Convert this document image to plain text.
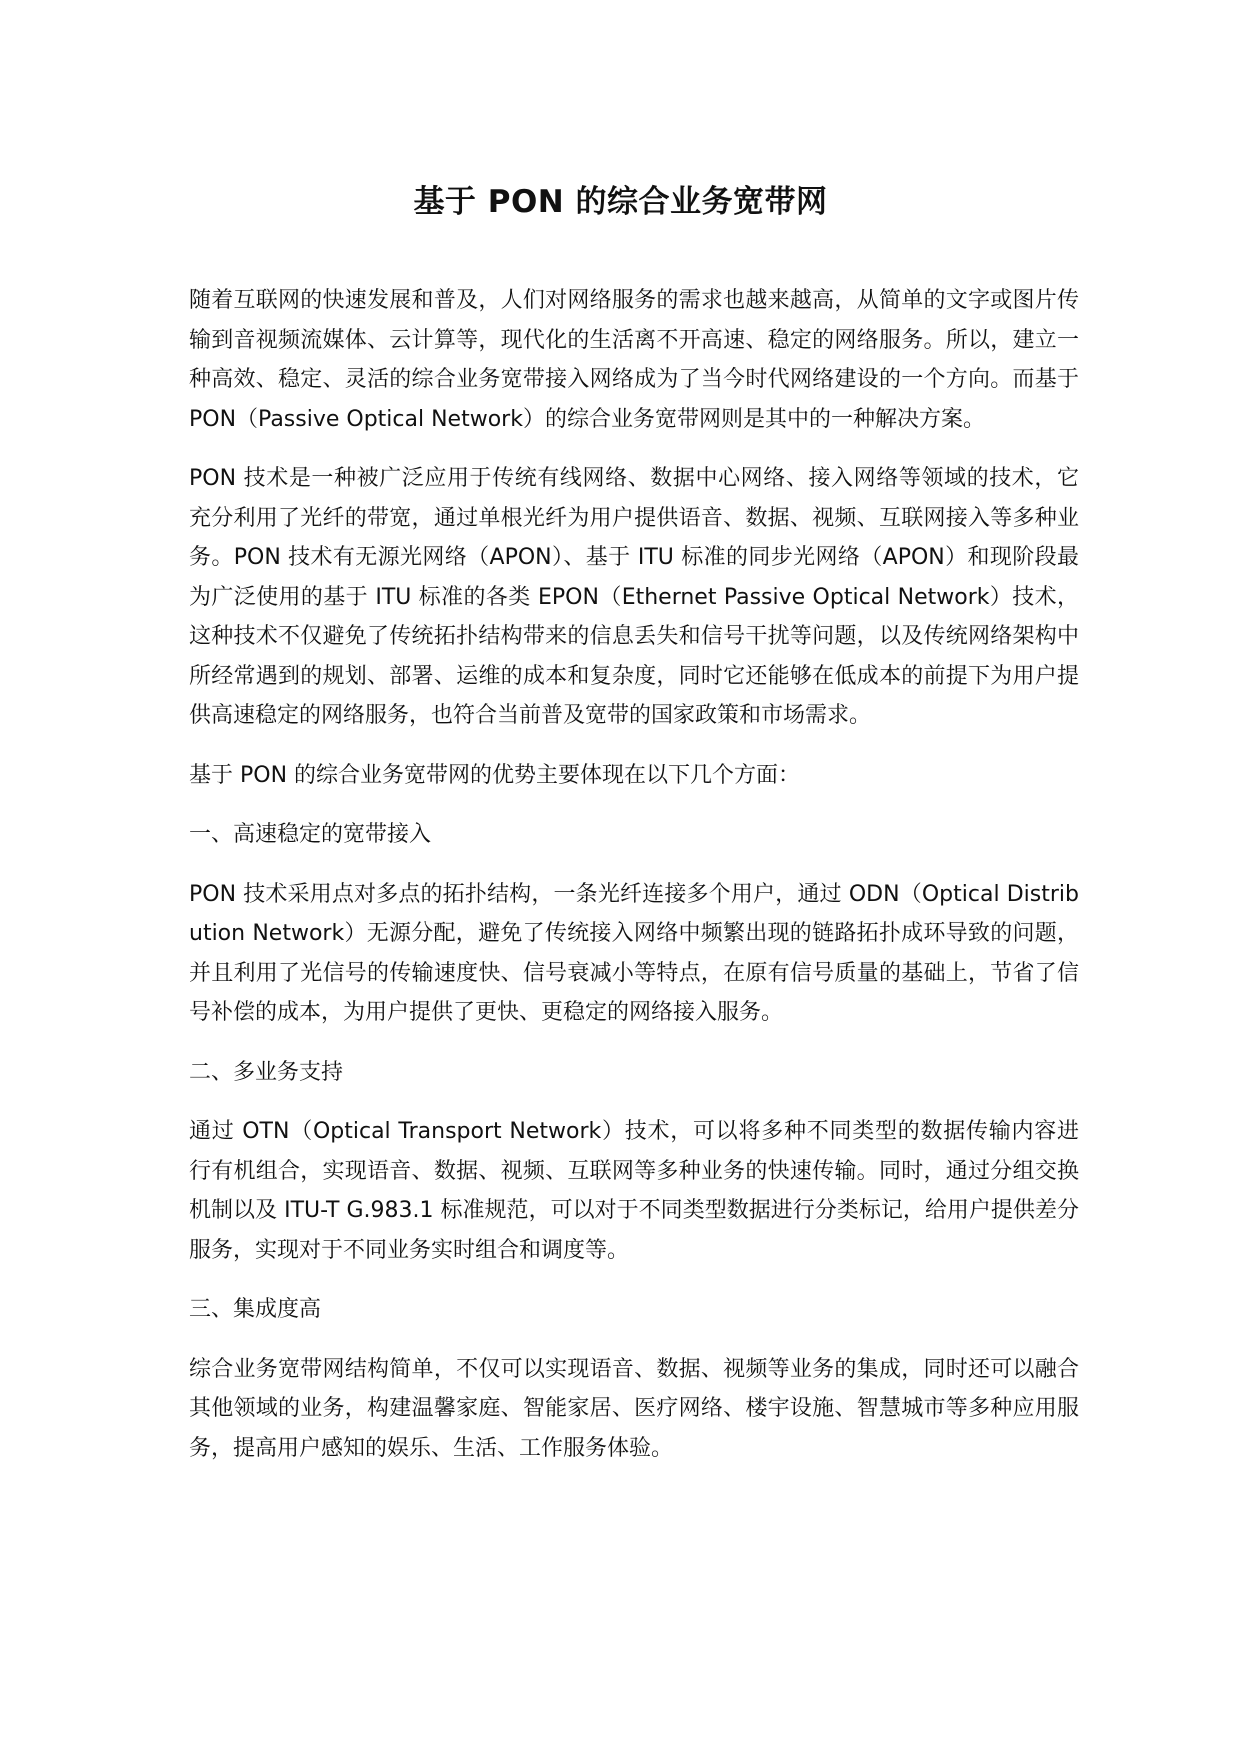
基于 PON 的综合业务宽带网

随着互联网的快速发展和普及，人们对网络服务的需求也越来越高，从简单的文字或图片传输到音视频流媒体、云计算等，现代化的生活离不开高速、稳定的网络服务。所以，建立一种高效、稳定、灵活的综合业务宽带接入网络成为了当今时代网络建设的一个方向。而基于 PON（Passive Optical Network）的综合业务宽带网则是其中的一种解决方案。

PON 技术是一种被广泛应用于传统有线网络、数据中心网络、接入网络等领域的技术，它充分利用了光纤的带宽，通过单根光纤为用户提供语音、数据、视频、互联网接入等多种业务。PON 技术有无源光网络（APON）、基于 ITU 标准的同步光网络（APON）和现阶段最为广泛使用的基于 ITU 标准的各类 EPON（Ethernet Passive Optical Network）技术，这种技术不仅避免了传统拓扑结构带来的信息丢失和信号干扰等问题，以及传统网络架构中所经常遇到的规划、部署、运维的成本和复杂度，同时它还能够在低成本的前提下为用户提供高速稳定的网络服务，也符合当前普及宽带的国家政策和市场需求。

基于 PON 的综合业务宽带网的优势主要体现在以下几个方面：

一、高速稳定的宽带接入

PON 技术采用点对多点的拓扑结构，一条光纤连接多个用户，通过 ODN（Optical Distribution Network）无源分配，避免了传统接入网络中频繁出现的链路拓扑成环导致的问题，并且利用了光信号的传输速度快、信号衰减小等特点，在原有信号质量的基础上，节省了信号补偿的成本，为用户提供了更快、更稳定的网络接入服务。

二、多业务支持

通过 OTN（Optical Transport Network）技术，可以将多种不同类型的数据传输内容进行有机组合，实现语音、数据、视频、互联网等多种业务的快速传输。同时，通过分组交换机制以及 ITU-T G.983.1 标准规范，可以对于不同类型数据进行分类标记，给用户提供差分服务，实现对于不同业务实时组合和调度等。

三、集成度高

综合业务宽带网结构简单，不仅可以实现语音、数据、视频等业务的集成，同时还可以融合其他领域的业务，构建温馨家庭、智能家居、医疗网络、楼宇设施、智慧城市等多种应用服务，提高用户感知的娱乐、生活、工作服务体验。
